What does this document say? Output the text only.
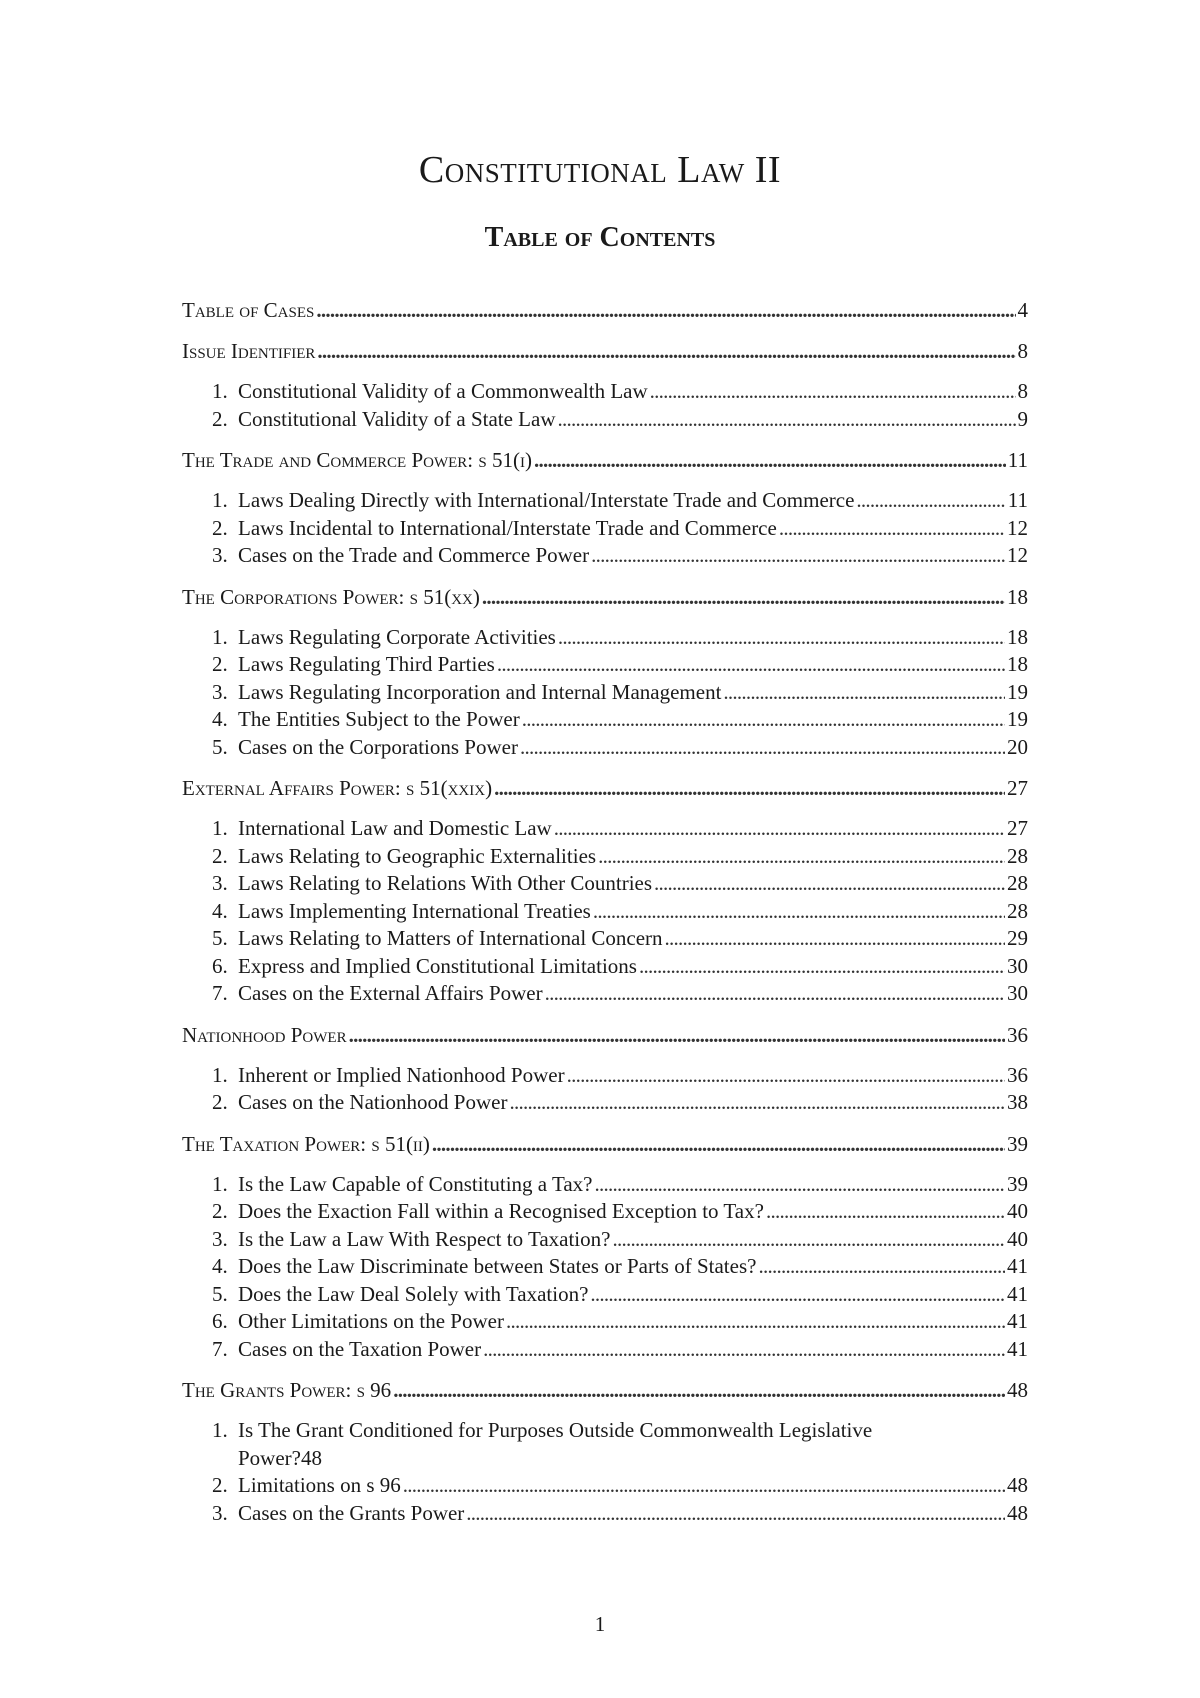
Constitutional Law II
Table of Contents
Table of Cases . . .	4
Issue Identifier . . .	8
1. Constitutional Validity of a Commonwealth Law . . .	8
2. Constitutional Validity of a State Law . . .	9
The Trade and Commerce Power: s 51(i) . . .	11
1. Laws Dealing Directly with International/Interstate Trade and Commerce . . .	11
2. Laws Incidental to International/Interstate Trade and Commerce . . .	12
3. Cases on the Trade and Commerce Power . . .	12
The Corporations Power: s 51(xx) . . .	18
1. Laws Regulating Corporate Activities . . .	18
2. Laws Regulating Third Parties . . .	18
3. Laws Regulating Incorporation and Internal Management . . .	19
4. The Entities Subject to the Power . . .	19
5. Cases on the Corporations Power . . .	20
External Affairs Power: s 51(xxix) . . .	27
1. International Law and Domestic Law . . .	27
2. Laws Relating to Geographic Externalities . . .	28
3. Laws Relating to Relations With Other Countries . . .	28
4. Laws Implementing International Treaties . . .	28
5. Laws Relating to Matters of International Concern . . .	29
6. Express and Implied Constitutional Limitations . . .	30
7. Cases on the External Affairs Power . . .	30
Nationhood Power . . .	36
1. Inherent or Implied Nationhood Power . . .	36
2. Cases on the Nationhood Power . . .	38
The Taxation Power: s 51(ii) . . .	39
1. Is the Law Capable of Constituting a Tax? . . .	39
2. Does the Exaction Fall within a Recognised Exception to Tax? . . .	40
3. Is the Law a Law With Respect to Taxation? . . .	40
4. Does the Law Discriminate between States or Parts of States? . . .	41
5. Does the Law Deal Solely with Taxation? . . .	41
6. Other Limitations on the Power . . .	41
7. Cases on the Taxation Power . . .	41
The Grants Power: s 96 . . .	48
1. Is The Grant Conditioned for Purposes Outside Commonwealth Legislative
Power? 48
2. Limitations on s 96 . . .	48
3. Cases on the Grants Power . . .	48
1
